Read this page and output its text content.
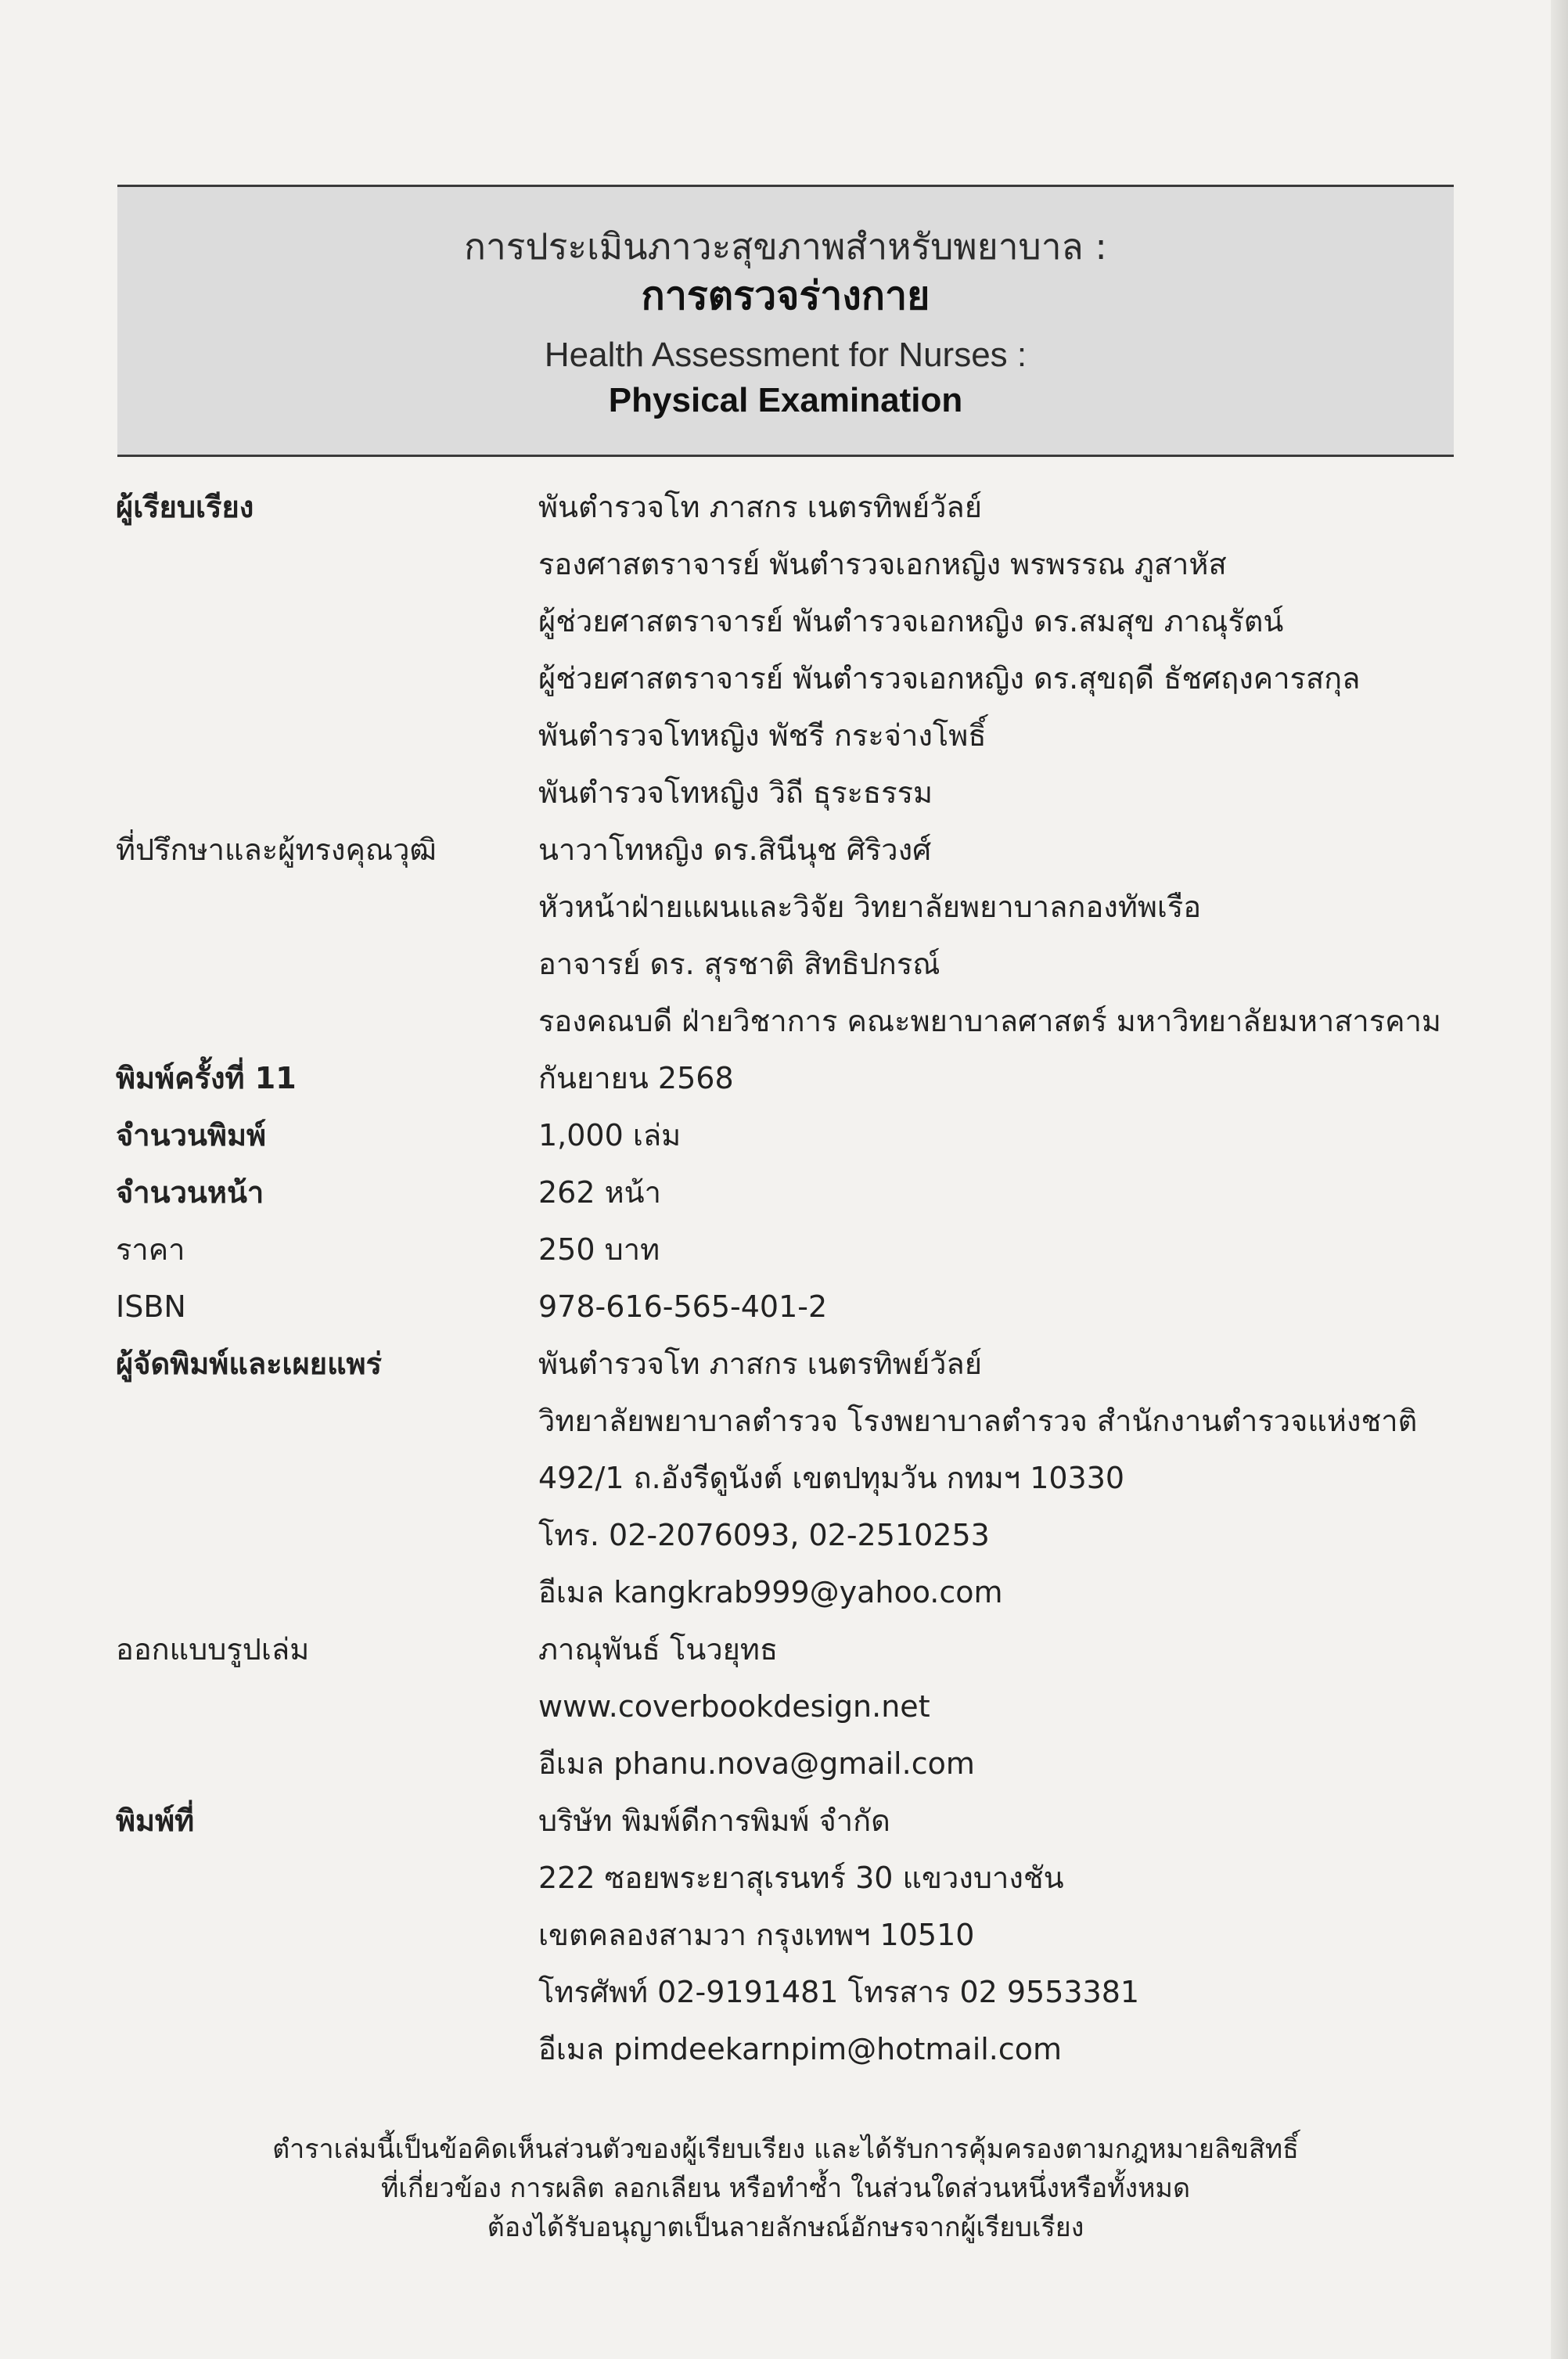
การประเมินภาวะสุขภาพสำหรับพยาบาล :
การตรวจร่างกาย
Health Assessment for Nurses :
Physical Examination
ผู้เรียบเรียง	พันตำรวจโท ภาสกร เนตรทิพย์วัลย์
รองศาสตราจารย์ พันตำรวจเอกหญิง พรพรรณ ภูสาหัส
ผู้ช่วยศาสตราจารย์ พันตำรวจเอกหญิง ดร.สมสุข ภาณุรัตน์
ผู้ช่วยศาสตราจารย์ พันตำรวจเอกหญิง ดร.สุขฤดี ธัชศฤงคารสกุล
พันตำรวจโทหญิง พัชรี กระจ่างโพธิ์
พันตำรวจโทหญิง วิถี ธุระธรรม
ที่ปรึกษาและผู้ทรงคุณวุฒิ	นาวาโทหญิง ดร.สินีนุช ศิริวงศ์
หัวหน้าฝ่ายแผนและวิจัย วิทยาลัยพยาบาลกองทัพเรือ
อาจารย์ ดร. สุรชาติ สิทธิปกรณ์
รองคณบดี ฝ่ายวิชาการ คณะพยาบาลศาสตร์ มหาวิทยาลัยมหาสารคาม
พิมพ์ครั้งที่ 11	กันยายน 2568
จำนวนพิมพ์	1,000 เล่ม
จำนวนหน้า	262 หน้า
ราคา	250 บาท
ISBN	978-616-565-401-2
ผู้จัดพิมพ์และเผยแพร่	พันตำรวจโท ภาสกร เนตรทิพย์วัลย์
วิทยาลัยพยาบาลตำรวจ โรงพยาบาลตำรวจ สำนักงานตำรวจแห่งชาติ
492/1 ถ.อังรีดูนังต์ เขตปทุมวัน กทมฯ 10330
โทร. 02-2076093, 02-2510253
อีเมล kangkrab999@yahoo.com
ออกแบบรูปเล่ม	ภาณุพันธ์ โนวยุทธ
www.coverbookdesign.net
อีเมล phanu.nova@gmail.com
พิมพ์ที่	บริษัท พิมพ์ดีการพิมพ์ จำกัด
222 ซอยพระยาสุเรนทร์ 30 แขวงบางชัน
เขตคลองสามวา กรุงเทพฯ 10510
โทรศัพท์ 02-9191481 โทรสาร 02 9553381
อีเมล pimdeekarnpim@hotmail.com
ตำราเล่มนี้เป็นข้อคิดเห็นส่วนตัวของผู้เรียบเรียง และได้รับการคุ้มครองตามกฎหมายลิขสิทธิ์
ที่เกี่ยวข้อง การผลิต ลอกเลียน หรือทำซ้ำ ในส่วนใดส่วนหนึ่งหรือทั้งหมด
ต้องได้รับอนุญาตเป็นลายลักษณ์อักษรจากผู้เรียบเรียง
